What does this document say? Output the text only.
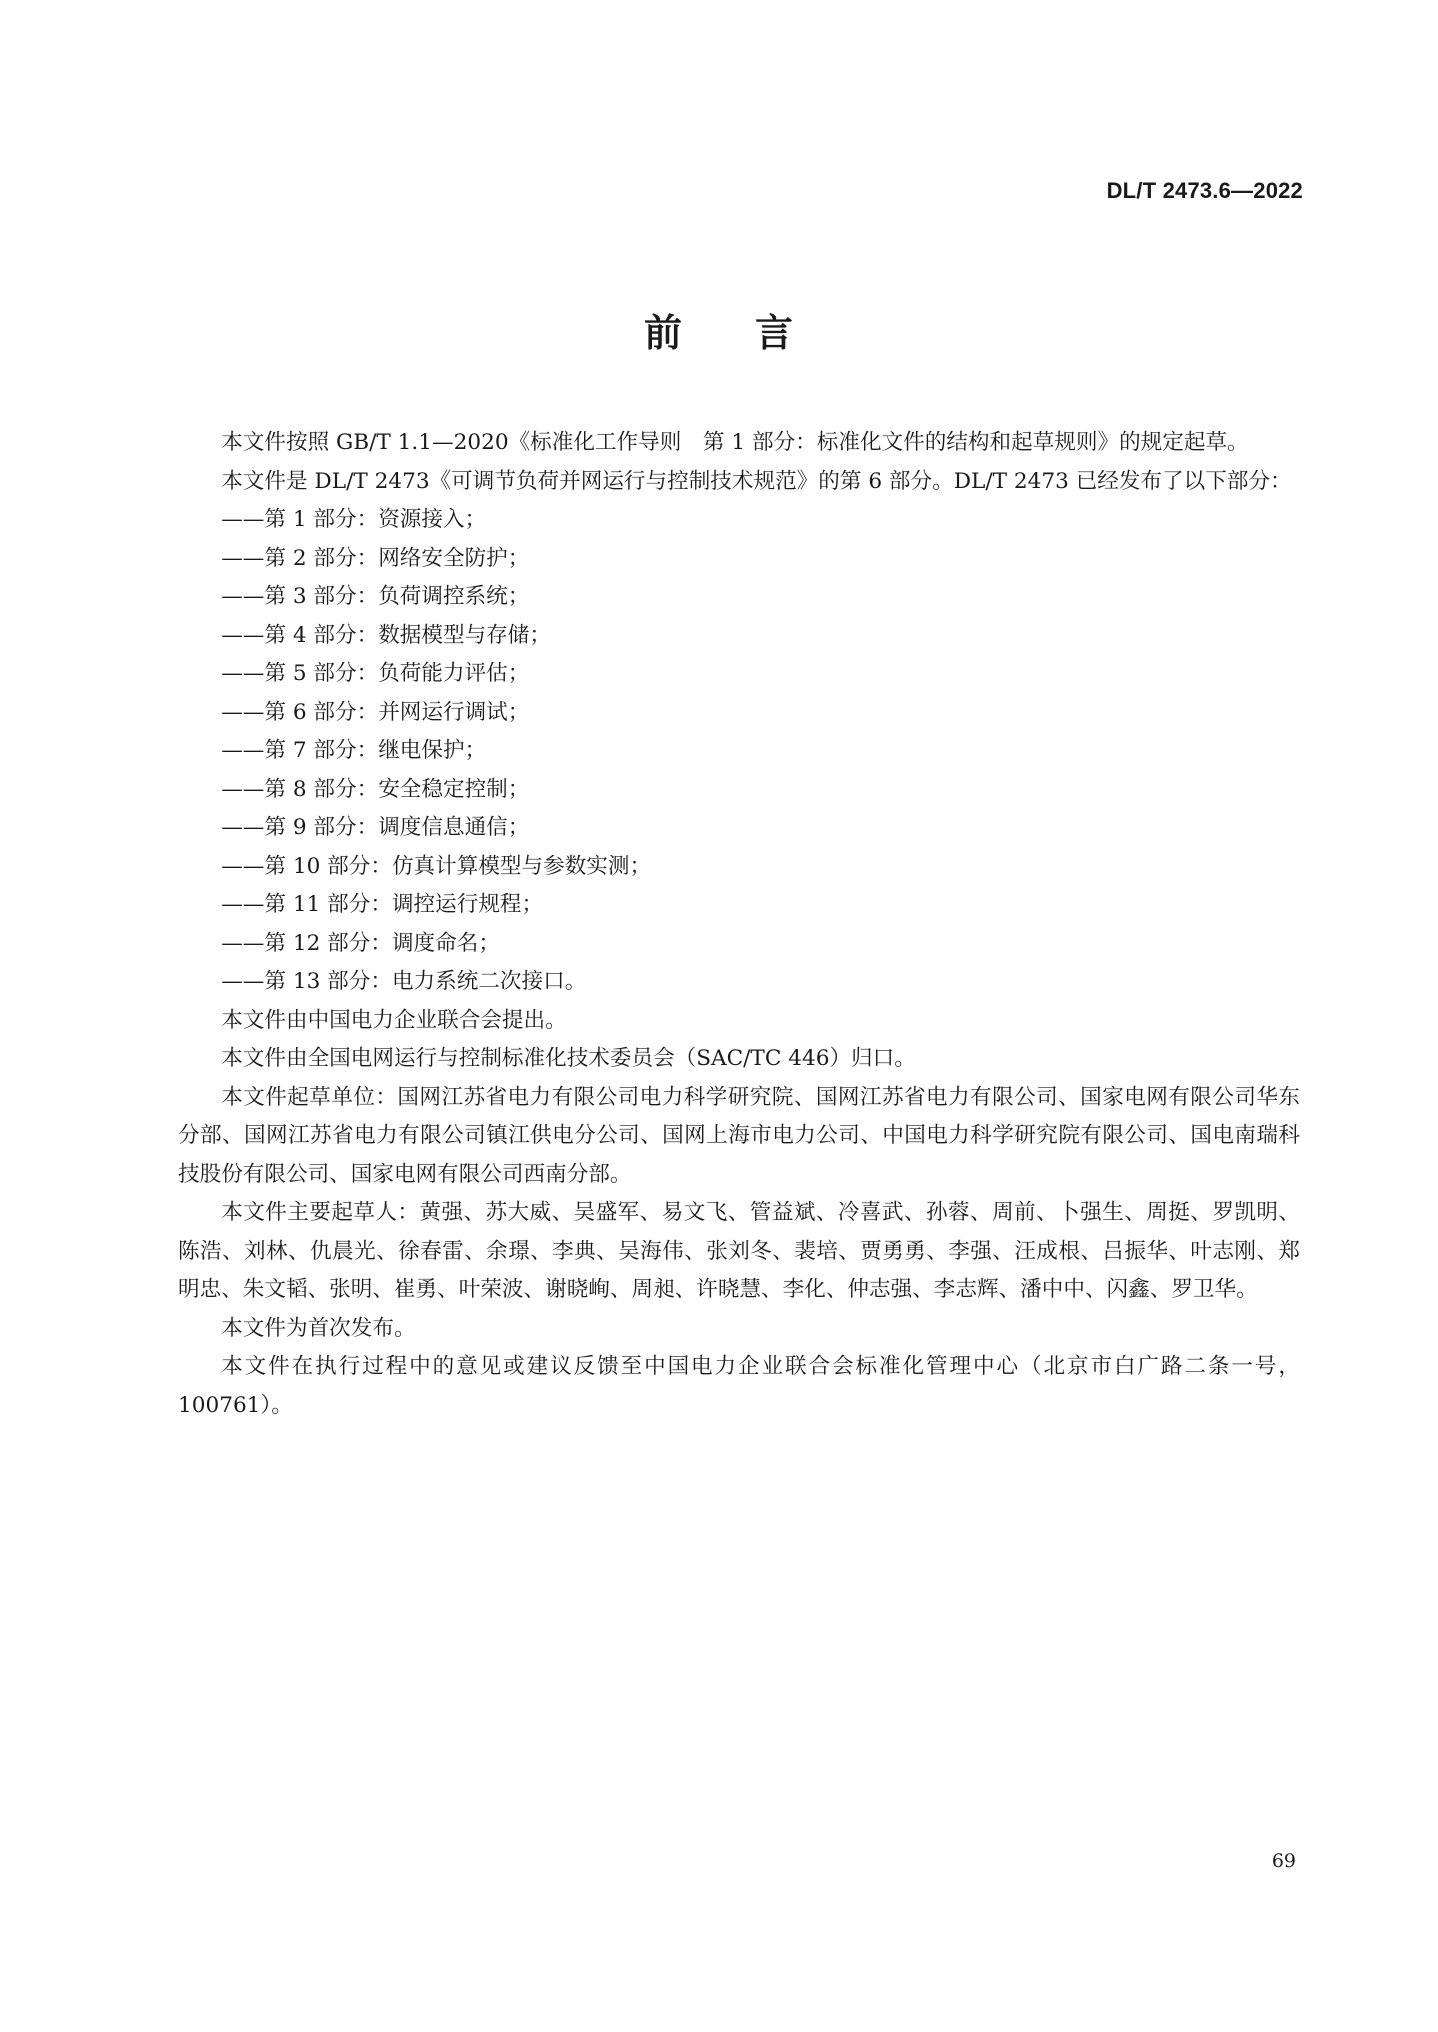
DL/T 2473.6—2022
前 言

本文件按照 GB/T 1.1—2020《标准化工作导则　第 1 部分：标准化文件的结构和起草规则》的规定起草。

本文件是 DL/T 2473《可调节负荷并网运行与控制技术规范》的第 6 部分。DL/T 2473 已经发布了以下部分：

——第 1 部分：资源接入；
——第 2 部分：网络安全防护；
——第 3 部分：负荷调控系统；
——第 4 部分：数据模型与存储；
——第 5 部分：负荷能力评估；
——第 6 部分：并网运行调试；
——第 7 部分：继电保护；
——第 8 部分：安全稳定控制；
——第 9 部分：调度信息通信；
——第 10 部分：仿真计算模型与参数实测；
——第 11 部分：调控运行规程；
——第 12 部分：调度命名；
——第 13 部分：电力系统二次接口。

本文件由中国电力企业联合会提出。

本文件由全国电网运行与控制标准化技术委员会（SAC/TC 446）归口。

本文件起草单位：国网江苏省电力有限公司电力科学研究院、国网江苏省电力有限公司、国家电网有限公司华东分部、国网江苏省电力有限公司镇江供电分公司、国网上海市电力公司、中国电力科学研究院有限公司、国电南瑞科技股份有限公司、国家电网有限公司西南分部。

本文件主要起草人：黄强、苏大威、吴盛军、易文飞、管益斌、冷喜武、孙蓉、周前、卜强生、周挺、罗凯明、陈浩、刘林、仇晨光、徐春雷、余璟、李典、吴海伟、张刘冬、裴培、贾勇勇、李强、汪成根、吕振华、叶志刚、郑明忠、朱文韬、张明、崔勇、叶荣波、谢晓峋、周昶、许晓慧、李化、仲志强、李志辉、潘中中、闪鑫、罗卫华。

本文件为首次发布。

本文件在执行过程中的意见或建议反馈至中国电力企业联合会标准化管理中心（北京市白广路二条一号，100761）。

69
